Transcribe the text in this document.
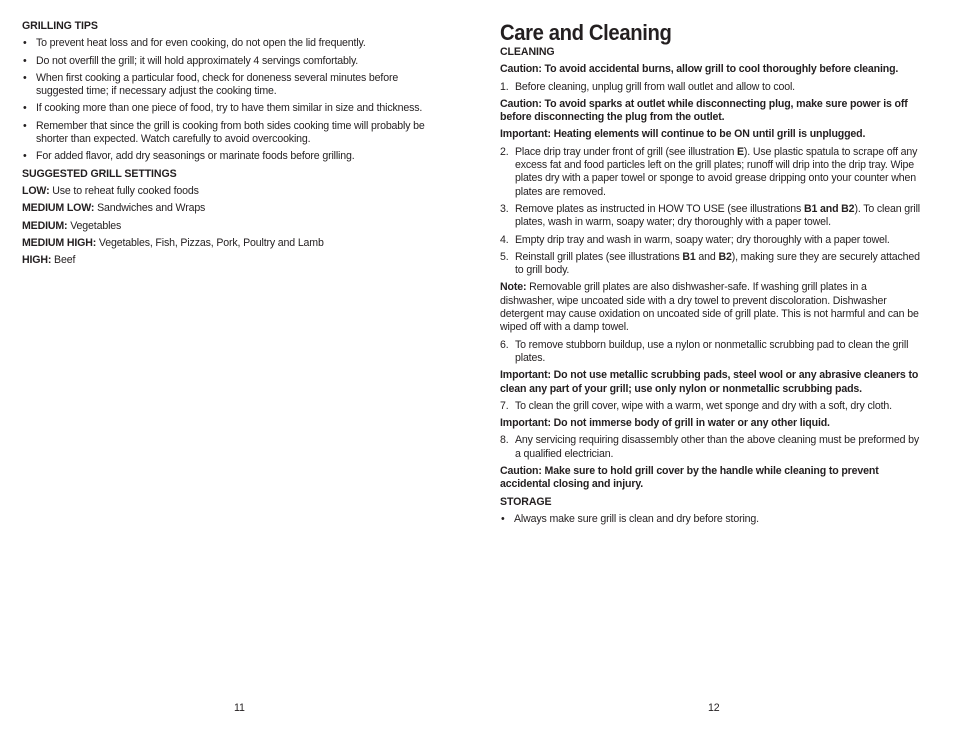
GRILLING TIPS
• To prevent heat loss and for even cooking, do not open the lid frequently.
• Do not overfill the grill; it will hold approximately 4 servings comfortably.
• When first cooking a particular food, check for doneness several minutes before suggested time; if necessary adjust the cooking time.
• If cooking more than one piece of food, try to have them similar in size and thickness.
• Remember that since the grill is cooking from both sides cooking time will probably be shorter than expected. Watch carefully to avoid overcooking.
• For added flavor, add dry seasonings or marinate foods before grilling.
SUGGESTED GRILL SETTINGS
LOW: Use to reheat fully cooked foods
MEDIUM LOW: Sandwiches and Wraps
MEDIUM: Vegetables
MEDIUM HIGH: Vegetables, Fish, Pizzas, Pork, Poultry and Lamb
HIGH: Beef
11
Care and Cleaning
CLEANING
Caution: To avoid accidental burns, allow grill to cool thoroughly before cleaning.
1. Before cleaning, unplug grill from wall outlet and allow to cool.
Caution: To avoid sparks at outlet while disconnecting plug, make sure power is off before disconnecting the plug from the outlet.
Important: Heating elements will continue to be ON until grill is unplugged.
2. Place drip tray under front of grill (see illustration E). Use plastic spatula to scrape off any excess fat and food particles left on the grill plates; runoff will drip into the drip tray. Wipe plates dry with a paper towel or sponge to avoid grease dripping onto your counter when plates are removed.
3. Remove plates as instructed in HOW TO USE (see illustrations B1 and B2). To clean grill plates, wash in warm, soapy water; dry thoroughly with a paper towel.
4. Empty drip tray and wash in warm, soapy water; dry thoroughly with a paper towel.
5. Reinstall grill plates (see illustrations B1 and B2), making sure they are securely attached to grill body.
Note: Removable grill plates are also dishwasher-safe. If washing grill plates in a dishwasher, wipe uncoated side with a dry towel to prevent discoloration. Dishwasher detergent may cause oxidation on uncoated side of grill plate. This is not harmful and can be wiped off with a damp towel.
6. To remove stubborn buildup, use a nylon or nonmetallic scrubbing pad to clean the grill plates.
Important: Do not use metallic scrubbing pads, steel wool or any abrasive cleaners to clean any part of your grill; use only nylon or nonmetallic scrubbing pads.
7. To clean the grill cover, wipe with a warm, wet sponge and dry with a soft, dry cloth.
Important: Do not immerse body of grill in water or any other liquid.
8. Any servicing requiring disassembly other than the above cleaning must be preformed by a qualified electrician.
Caution: Make sure to hold grill cover by the handle while cleaning to prevent accidental closing and injury.
STORAGE
• Always make sure grill is clean and dry before storing.
12
